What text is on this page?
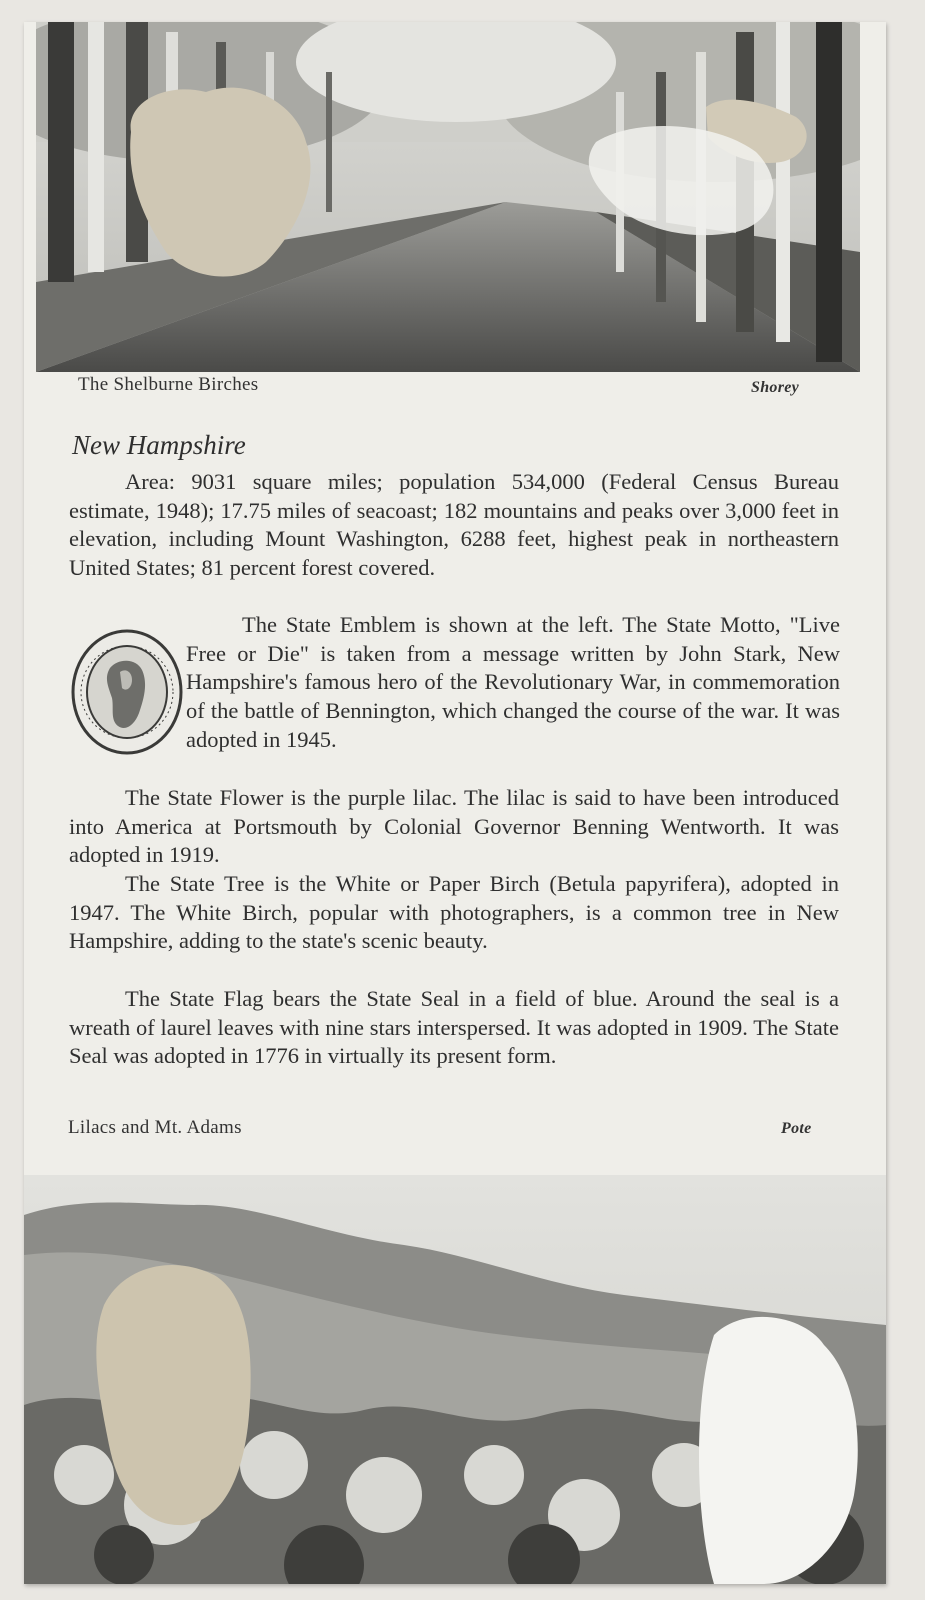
The Shelburne Birches	Shorey
New Hampshire

Area: 9031 square miles; population 534,000 (Federal Census Bureau estimate, 1948); 17.75 miles of seacoast; 182 mountains and peaks over 3,000 feet in elevation, including Mount Washington, 6288 feet, highest peak in northeastern United States; 81 percent forest covered.

The State Emblem is shown at the left. The State Motto, "Live Free or Die" is taken from a message written by John Stark, New Hampshire's famous hero of the Revolutionary War, in commemoration of the battle of Bennington, which changed the course of the war. It was adopted in 1945.

The State Flower is the purple lilac. The lilac is said to have been introduced into America at Portsmouth by Colonial Governor Benning Wentworth. It was adopted in 1919.

The State Tree is the White or Paper Birch (Betula papyrifera), adopted in 1947. The White Birch, popular with photographers, is a common tree in New Hampshire, adding to the state's scenic beauty.

The State Flag bears the State Seal in a field of blue. Around the seal is a wreath of laurel leaves with nine stars interspersed. It was adopted in 1909. The State Seal was adopted in 1776 in virtually its present form.

Lilacs and Mt. Adams	Pote
